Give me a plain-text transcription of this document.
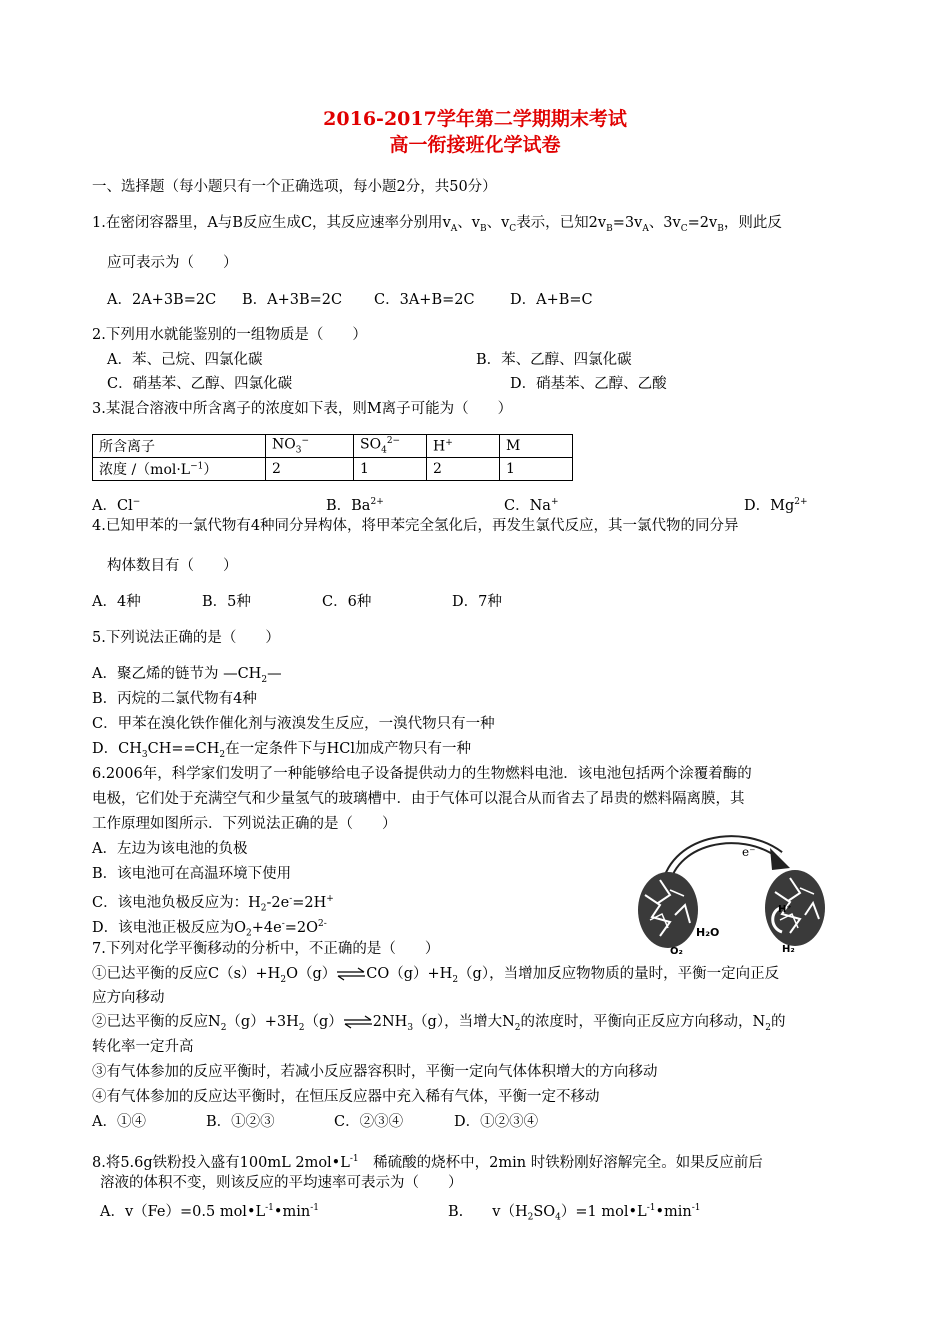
2016-2017学年第二学期期末考试
高一衔接班化学试卷
一、选择题（每小题只有一个正确选项，每小题2分，共50分）
1.在密闭容器里，A与B反应生成C，其反应速率分别用$v_A$、$v_B$、$v_C$表示，已知$2v_B=3v_A$、$3v_C=2v_B$，则此反
应可表示为（　　）
A．2A+3B=2C B．A+3B=2C C．3A+B=2C D．A+B=C
2.下列用水就能鉴别的一组物质是（　　）
A．苯、己烷、四氯化碳	B．苯、乙醇、四氯化碳
C．硝基苯、乙醇、四氯化碳	D．硝基苯、乙醇、乙酸
3.某混合溶液中所含离子的浓度如下表，则M离子可能为（　　）
所含离子	$NO_3^-$	$SO_4^{2-}$	H+	M
浓度 $/(mol\cdot L^{-1})$	2	1	2	1
A．Cl−	B．$Ba^{2+}$	C．Na+	D．$Mg^{2+}$
4.已知甲苯的一氯代物有4种同分异构体，将甲苯完全氢化后，再发生氯代反应，其一氯代物的同分异
构体数目有（　　）
A．4种	B．5种	C．6种	D．7种
5.下列说法正确的是（　　）
A．聚乙烯的链节为 $—CH_2—$
B．丙烷的二氯代物有4种
C．甲苯在溴化铁作催化剂与液溴发生反应，一溴代物只有一种
D．$CH_3CH==CH_2$在一定条件下与HCl加成产物只有一种
6.2006年，科学家们发明了一种能够给电子设备提供动力的生物燃料电池．该电池包括两个涂覆着酶的
电极，它们处于充满空气和少量氢气的玻璃槽中．由于气体可以混合从而省去了昂贵的燃料隔离膜，其
工作原理如图所示．下列说法正确的是（　　）
A．左边为该电池的负极
B．该电池可在高温环境下使用
C．该电池负极反应为：$H_2-2e^-=2H^+$
D．该电池正极反应为$O_2+4e^-=2O^{2-}$
e⁻
H⁺
H₂O
O₂	H₂
7.下列对化学平衡移动的分析中，不正确的是（　　）
①已达平衡的反应$C(s)+H_2O(g)\rightleftharpoons CO(g)+H_2(g)$，当增加反应物物质的量时，平衡一定向正反
应方向移动
②已达平衡的反应$N_2(g)+3H_2(g)\rightleftharpoons 2NH_3(g)$，当增大$N_2$的浓度时，平衡向正反应方向移动，$N_2$的
转化率一定升高
③有气体参加的反应平衡时，若减小反应器容积时，平衡一定向气体体积增大的方向移动
④有气体参加的反应达平衡时，在恒压反应器中充入稀有气体，平衡一定不移动
A．①④	B．①②③	C．②③④	D．①②③④
8.将5.6g铁粉投入盛有100mL $2mol•L^{-1}$　稀硫酸的烧杯中，2min 时铁粉刚好溶解完全。如果反应前后
溶液的体积不变，则该反应的平均速率可表示为（　　）
A．v（Fe）=0.5 $mol•L^{-1}•\min^{-1}$	B.　　$v(H_2SO_4)=1$ $mol•L^{-1}•\min^{-1}$
